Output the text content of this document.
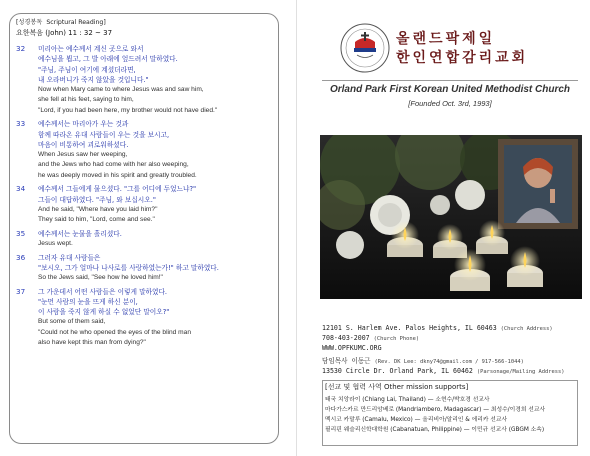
[성경봉독 Scriptural Reading]
요한복음 (John) 11 : 32 ~ 37
32	미리아는 예수께서 계신 곳으로 와서
예수님을 뵙고, 그 발 아래에 엎드려서 말하였다.
"주님, 주님이 여기에 계셨더라면,
내 오라버니가 죽지 않았을 것입니다."
Now when Mary came to where Jesus was and saw him,
she fell at his feet, saying to him,
"Lord, if you had been here, my brother would not have died."
33	예수께서는 마리아가 우는 것과
함께 따라온 유대 사람들이 우는 것을 보시고,
마음이 비통하여 괴로워하셨다.
When Jesus saw her weeping,
and the Jews who had come with her also weeping,
he was deeply moved in his spirit and greatly troubled.
34	예수께서 그들에게 물으셨다. "그를 어디에 두었느냐?"
그들이 대답하였다. "주님, 와 보십시오."
And he said, "Where have you laid him?"
They said to him, "Lord, come and see."
35	예수께서는 눈물을 흘리셨다.
Jesus wept.
36	그러자 유대 사람들은
"보시오, 그가 얼마나 나사로를 사랑하였는가!" 하고 말하였다.
So the Jews said, "See how he loved him!"
37	그 가운데서 어떤 사람들은 이렇게 말하였다.
"눈먼 사람의 눈을 뜨게 하신 분이,
이 사람을 죽지 않게 하실 수 없었단 말이오?"
But some of them said,
"Could not he who opened the eyes of the blind man
also have kept this man from dying?"
올랜드팍제일
한인연합감리교회
Orland Park First Korean United Methodist Church
[Founded Oct. 3rd, 1993]
12101 S. Harlem Ave. Palos Heights, IL 60463 (Church Address)
708-403-2007 (Church Phone)
WWW.OPFKUMC.ORG
담임목사 이동근 (Rev. DK Lee: dkny74@gmail.com / 917-566-1044)
13530 Circle Dr. Orland Park, IL 60462 (Parsonage/Mailing Address)
[선교 및 협력 사역 Other mission supports]
태국 치앙라이 (Chiang Lai, Thailand) — 소현수/박호경 선교사
마다가스카르 만드리암베로 (Mandriambero, Madagascar) — 최성수/이경희 선교사
멕시코 카말루 (Camalu, Mexico) — 올리비아/알리인 & 에리카 선교사
필리핀 웨슬리신학대학원 (Cabanatuan, Philippine) — 이민규 선교사 (GBGM 소속)
